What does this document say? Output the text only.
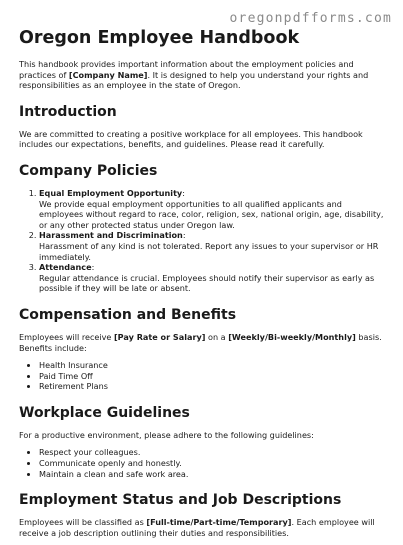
oregonpdfforms.com
Oregon Employee Handbook

This handbook provides important information about the employment policies and practices of [Company Name]. It is designed to help you understand your rights and responsibilities as an employee in the state of Oregon.

Introduction

We are committed to creating a positive workplace for all employees. This handbook includes our expectations, benefits, and guidelines. Please read it carefully.

Company Policies
1. Equal Employment Opportunity:
We provide equal employment opportunities to all qualified applicants and employees without regard to race, color, religion, sex, national origin, age, disability, or any other protected status under Oregon law.
2. Harassment and Discrimination:
Harassment of any kind is not tolerated. Report any issues to your supervisor or HR immediately.
3. Attendance:
Regular attendance is crucial. Employees should notify their supervisor as early as possible if they will be late or absent.
Compensation and Benefits

Employees will receive [Pay Rate or Salary] on a [Weekly/Bi-weekly/Monthly] basis. Benefits include:

• Health Insurance
• Paid Time Off
• Retirement Plans
Workplace Guidelines

For a productive environment, please adhere to the following guidelines:

• Respect your colleagues.
• Communicate openly and honestly.
• Maintain a clean and safe work area.
Employment Status and Job Descriptions

Employees will be classified as [Full-time/Part-time/Temporary]. Each employee will receive a job description outlining their duties and responsibilities.
